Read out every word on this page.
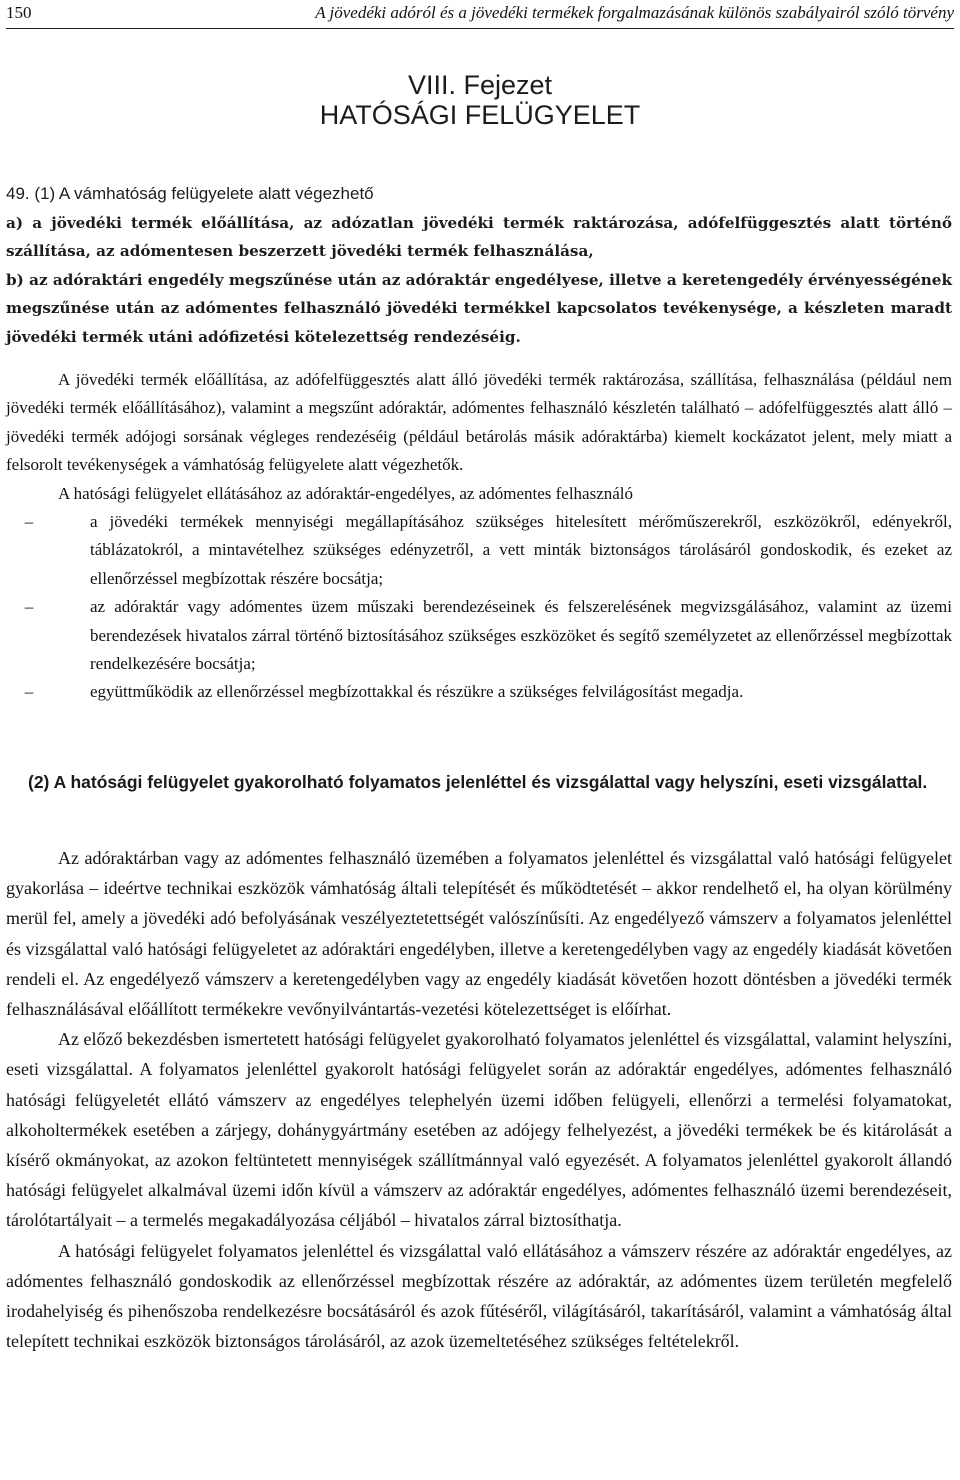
150	A jövedéki adóról és a jövedéki termékek forgalmazásának különös szabályairól szóló törvény
VIII. Fejezet
HATÓSÁGI FELÜGYELET

49. (1) A vámhatóság felügyelete alatt végezhető

a) a jövedéki termék előállítása, az adózatlan jövedéki termék raktározása, adófelfüggesztés alatt történő szállítása, az adómentesen beszerzett jövedéki termék felhasználása,

b) az adóraktári engedély megszűnése után az adóraktár engedélyese, illetve a keretengedély érvényességének megszűnése után az adómentes felhasználó jövedéki termékkel kapcsolatos tevékenysége, a készleten maradt jövedéki termék utáni adófizetési kötelezettség rendezéséig.

A jövedéki termék előállítása, az adófelfüggesztés alatt álló jövedéki termék raktározása, szállítása, felhasználása (például nem jövedéki termék előállításához), valamint a megszűnt adóraktár, adómentes felhasználó készletén található – adófelfüggesztés alatt álló – jövedéki termék adójogi sorsának végleges rendezéséig (például betárolás másik adóraktárba) kiemelt kockázatot jelent, mely miatt a felsorolt tevékenységek a vámhatóság felügyelete alatt végezhetők.

A hatósági felügyelet ellátásához az adóraktár-engedélyes, az adómentes felhasználó

–	a jövedéki termékek mennyiségi megállapításához szükséges hitelesített mérőműszerekről, eszközökről, edényekről, táblázatokról, a mintavételhez szükséges edényzetről, a vett minták biztonságos tárolásáról gondoskodik, és ezeket az ellenőrzéssel megbízottak részére bocsátja;
–	az adóraktár vagy adómentes üzem műszaki berendezéseinek és felszerelésének megvizsgálásához, valamint az üzemi berendezések hivatalos zárral történő biztosításához szükséges eszközöket és segítő személyzetet az ellenőrzéssel megbízottak rendelkezésére bocsátja;
–	együttműködik az ellenőrzéssel megbízottakkal és részükre a szükséges felvilágosítást megadja.

(2) A hatósági felügyelet gyakorolható folyamatos jelenléttel és vizsgálattal vagy helyszíni, eseti vizsgálattal.

Az adóraktárban vagy az adómentes felhasználó üzemében a folyamatos jelenléttel és vizsgálattal való hatósági felügyelet gyakorlása – ideértve technikai eszközök vámhatóság általi telepítését és működtetését – akkor rendelhető el, ha olyan körülmény merül fel, amely a jövedéki adó befolyásának veszélyeztetettségét valószínűsíti. Az engedélyező vámszerv a folyamatos jelenléttel és vizsgálattal való hatósági felügyeletet az adóraktári engedélyben, illetve a keretengedélyben vagy az engedély kiadását követően rendeli el. Az engedélyező vámszerv a keretengedélyben vagy az engedély kiadását követően hozott döntésben a jövedéki termék felhasználásával előállított termékekre vevőnyilvántartás-vezetési kötelezettséget is előírhat.

Az előző bekezdésben ismertetett hatósági felügyelet gyakorolható folyamatos jelenléttel és vizsgálattal, valamint helyszíni, eseti vizsgálattal. A folyamatos jelenléttel gyakorolt hatósági felügyelet során az adóraktár engedélyes, adómentes felhasználó hatósági felügyeletét ellátó vámszerv az engedélyes telephelyén üzemi időben felügyeli, ellenőrzi a termelési folyamatokat, alkoholtermékek esetében a zárjegy, dohánygyártmány esetében az adójegy felhelyezést, a jövedéki termékek be és kitárolását a kísérő okmányokat, az azokon feltüntetett mennyiségek szállítmánnyal való egyezését. A folyamatos jelenléttel gyakorolt állandó hatósági felügyelet alkalmával üzemi időn kívül a vámszerv az adóraktár engedélyes, adómentes felhasználó üzemi berendezéseit, tárolótartályait – a termelés megakadályozása céljából – hivatalos zárral biztosíthatja.

A hatósági felügyelet folyamatos jelenléttel és vizsgálattal való ellátásához a vámszerv részére az adóraktár engedélyes, az adómentes felhasználó gondoskodik az ellenőrzéssel megbízottak részére az adóraktár, az adómentes üzem területén megfelelő irodahelyiség és pihenőszoba rendelkezésre bocsátásáról és azok fűtéséről, világításáról, takarításáról, valamint a vámhatóság által telepített technikai eszközök biztonságos tárolásáról, az azok üzemeltetéséhez szükséges feltételekről.
